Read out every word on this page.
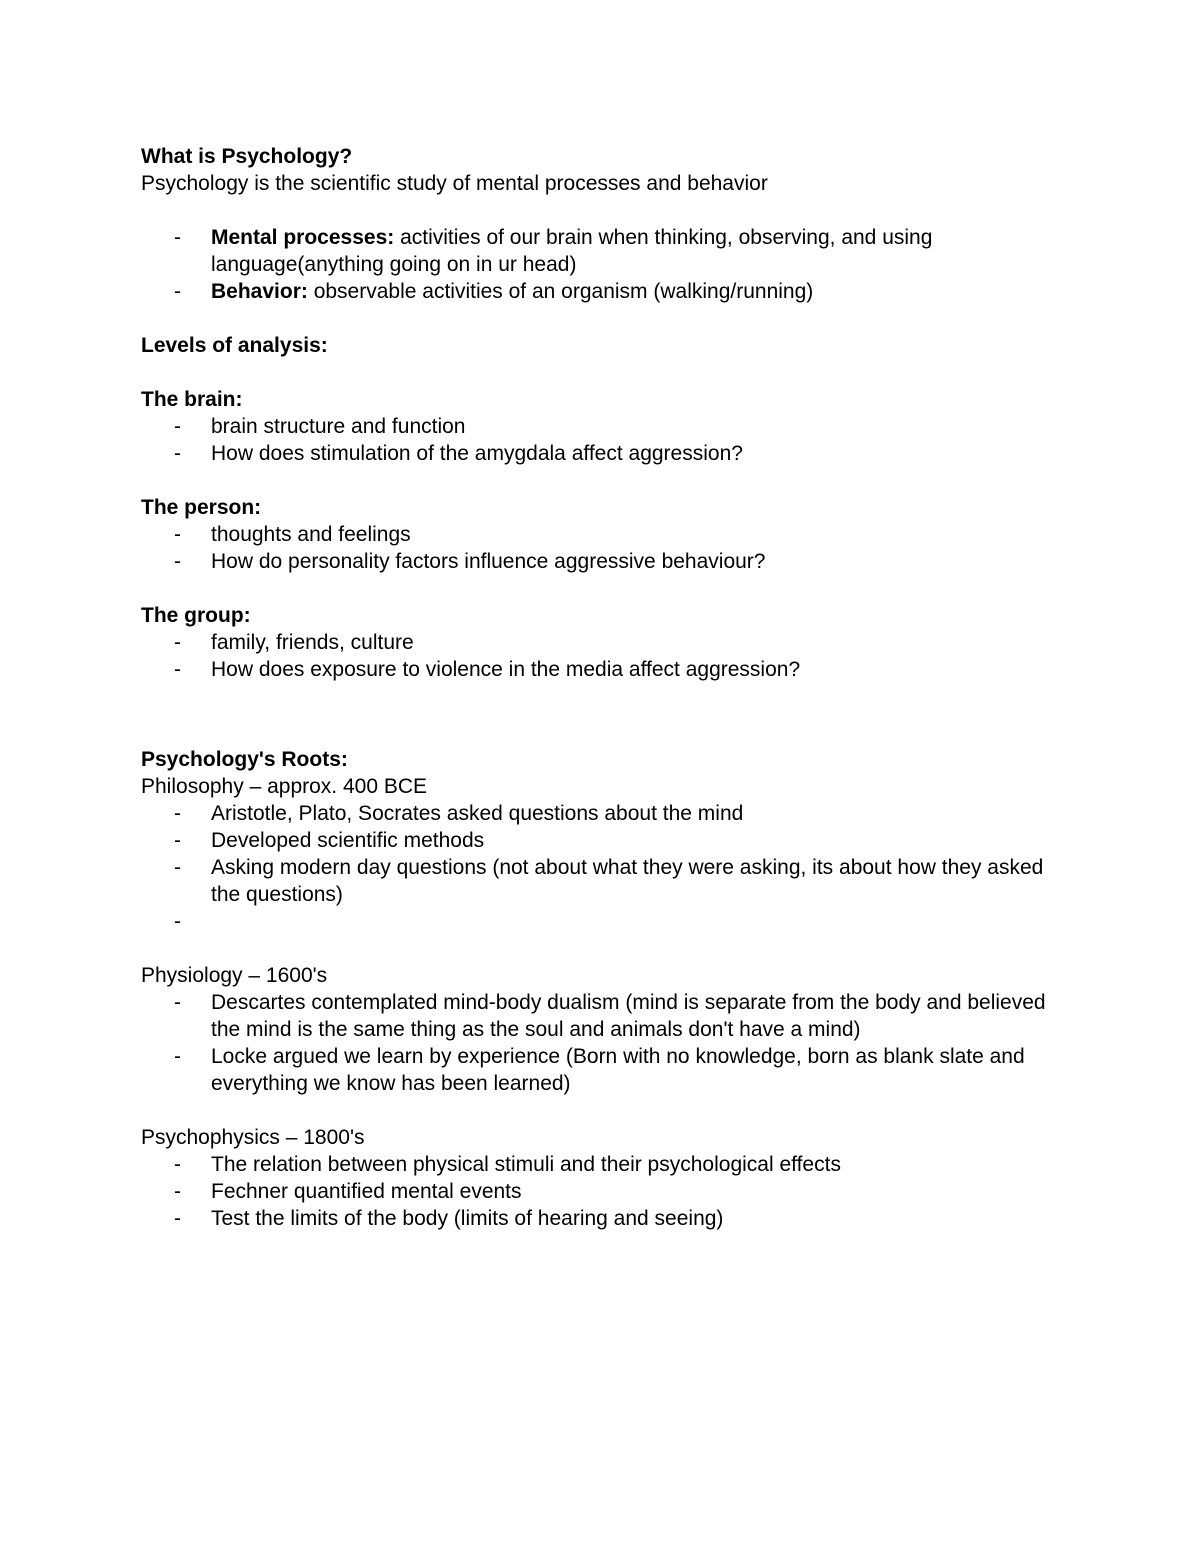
What is Psychology?

Psychology is the scientific study of mental processes and behavior

- Mental processes: activities of our brain when thinking, observing, and using language(anything going on in ur head)
- Behavior: observable activities of an organism (walking/running)

Levels of analysis:

The brain:

- brain structure and function
- How does stimulation of the amygdala affect aggression?

The person:

- thoughts and feelings
- How do personality factors influence aggressive behaviour?

The group:

- family, friends, culture
- How does exposure to violence in the media affect aggression?

Psychology's Roots:

Philosophy – approx. 400 BCE

- Aristotle, Plato, Socrates asked questions about the mind
- Developed scientific methods
- Asking modern day questions (not about what they were asking, its about how they asked the questions)
-

Physiology – 1600's

- Descartes contemplated mind-body dualism (mind is separate from the body and believed the mind is the same thing as the soul and animals don't have a mind)
- Locke argued we learn by experience (Born with no knowledge, born as blank slate and everything we know has been learned)

Psychophysics – 1800's

- The relation between physical stimuli and their psychological effects
- Fechner quantified mental events
- Test the limits of the body (limits of hearing and seeing)
